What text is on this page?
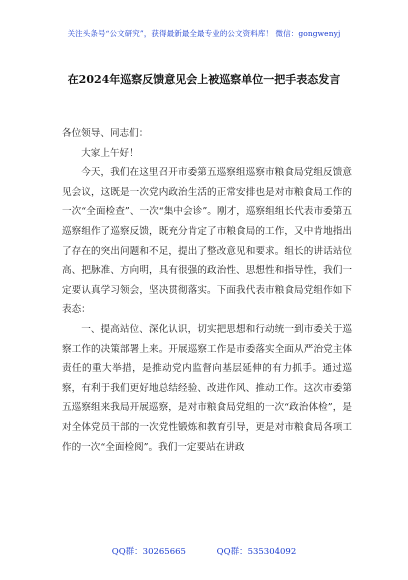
关注头条号“公文研究”，获得最新最全最专业的公文资料库！ 微信：gongwenyj
在2024年巡察反馈意见会上被巡察单位一把手表态发言

各位领导、同志们：

大家上午好！

今天，我们在这里召开市委第五巡察组巡察市粮食局党组反馈意见会议，这既是一次党内政治生活的正常安排也是对市粮食局工作的一次“全面检查”、一次“集中会诊”。刚才，巡察组组长代表市委第五巡察组作了巡察反馈，既充分肯定了市粮食局的工作，又中肯地指出了存在的突出问题和不足，提出了整改意见和要求。组长的讲话站位高、把脉准、方向明，具有很强的政治性、思想性和指导性，我们一定要认真学习领会，坚决贯彻落实。下面我代表市粮食局党组作如下表态：

一、提高站位、深化认识，切实把思想和行动统一到市委关于巡察工作的决策部署上来。开展巡察工作是市委落实全面从严治党主体责任的重大举措，是推动党内监督向基层延伸的有力抓手。通过巡察，有利于我们更好地总结经验、改进作风、推动工作。这次市委第五巡察组来我局开展巡察，是对市粮食局党组的一次“政治体检”，是对全体党员干部的一次党性锻炼和教育引导，更是对市粮食局各项工作的一次“全面检阅”。我们一定要站在讲政

QQ群：30265665	QQ群：535304092
